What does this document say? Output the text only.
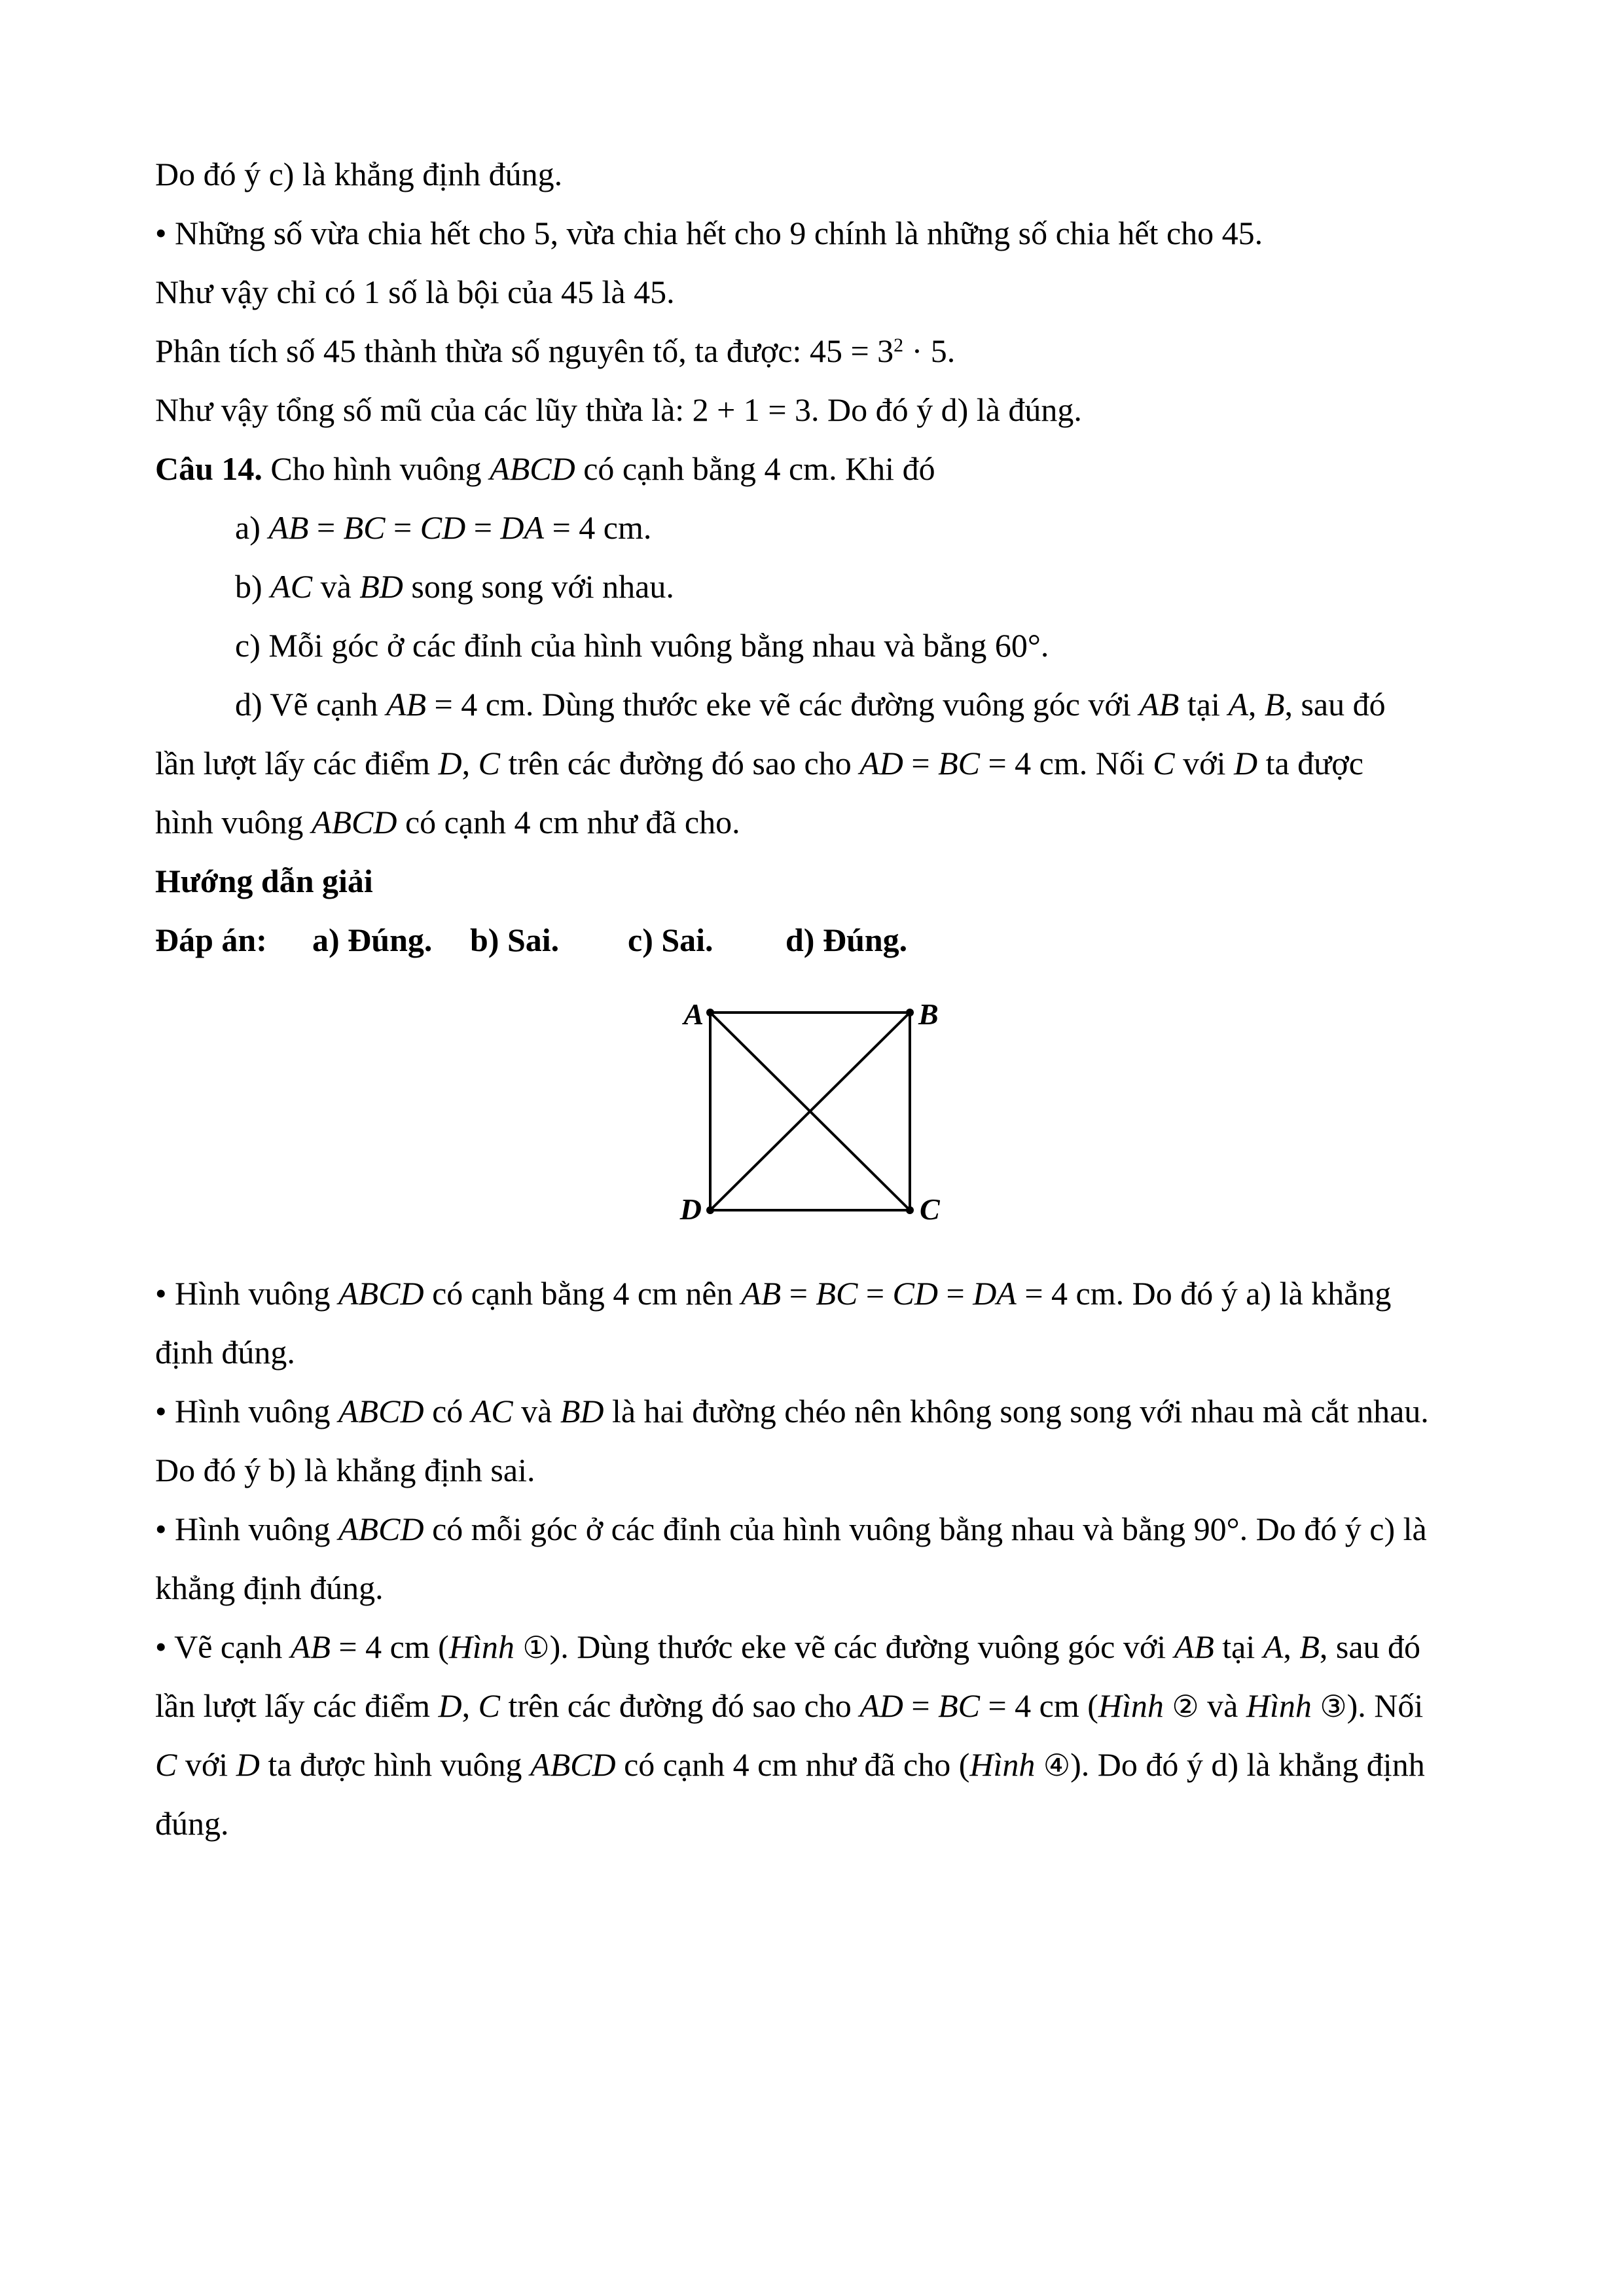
Do đó ý c) là khẳng định đúng.
• Những số vừa chia hết cho 5, vừa chia hết cho 9 chính là những số chia hết cho 45.
Như vậy chỉ có 1 số là bội của 45 là 45.
Phân tích số 45 thành thừa số nguyên tố, ta được: $45 = 3^2 \cdot 5$.
Như vậy tổng số mũ của các lũy thừa là: 2 + 1 = 3. Do đó ý d) là đúng.
Câu 14. Cho hình vuông ABCD có cạnh bằng 4 cm. Khi đó
a) AB = BC = CD = DA = 4 cm.
b) AC và BD song song với nhau.
c) Mỗi góc ở các đỉnh của hình vuông bằng nhau và bằng 60°.
d) Vẽ cạnh AB = 4 cm. Dùng thước eke vẽ các đường vuông góc với AB tại A, B, sau đó
lần lượt lấy các điểm D, C trên các đường đó sao cho AD = BC = 4 cm. Nối C với D ta được
hình vuông ABCD có cạnh 4 cm như đã cho.
Hướng dẫn giải
Đáp án: a) Đúng. b) Sai. c) Sai. d) Đúng.
A	B
D	C
• Hình vuông ABCD có cạnh bằng 4 cm nên AB = BC = CD = DA = 4 cm. Do đó ý a) là khẳng
định đúng.
• Hình vuông ABCD có AC và BD là hai đường chéo nên không song song với nhau mà cắt nhau.
Do đó ý b) là khẳng định sai.
• Hình vuông ABCD có mỗi góc ở các đỉnh của hình vuông bằng nhau và bằng 90°. Do đó ý c) là
khẳng định đúng.
• Vẽ cạnh AB = 4 cm (Hình ①). Dùng thước eke vẽ các đường vuông góc với AB tại A, B, sau đó
lần lượt lấy các điểm D, C trên các đường đó sao cho AD = BC = 4 cm (Hình ② và Hình ③). Nối
C với D ta được hình vuông ABCD có cạnh 4 cm như đã cho (Hình ④). Do đó ý d) là khẳng định
đúng.
